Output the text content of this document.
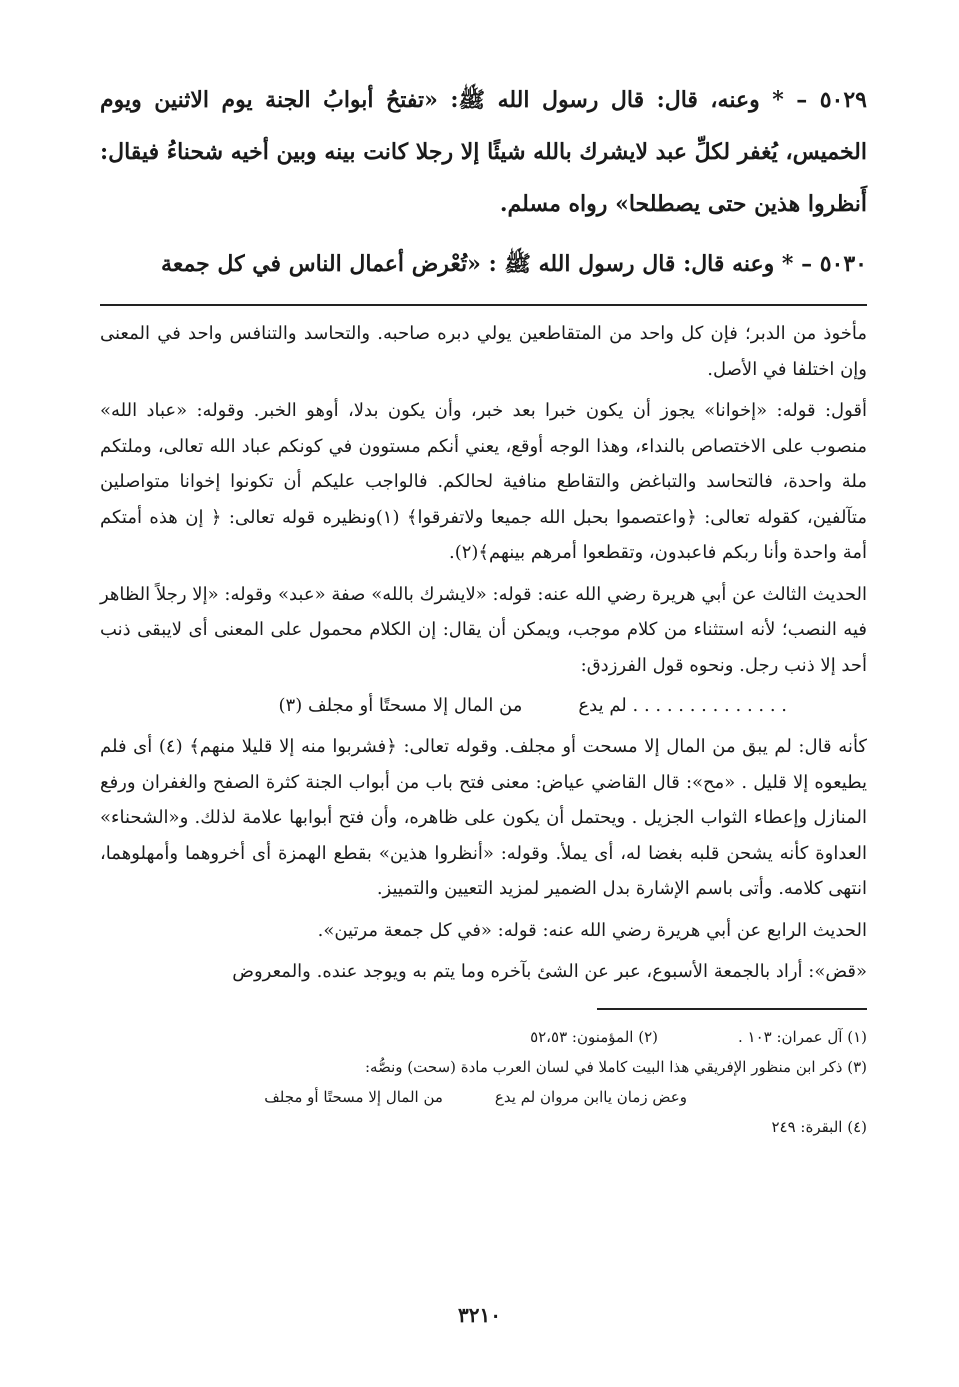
٥٠٢٩ – * وعنه، قال: قال رسول الله ﷺ: «تفتحُ أبوابُ الجنة يوم الاثنين ويوم الخميس، يُغفر لكلِّ عبد لايشرك بالله شيئًا إلا رجلا كانت بينه وبين أخيه شحناءُ فيقال: أَنظروا هذين حتى يصطلحا» رواه مسلم.

٥٠٣٠ – * وعنه قال: قال رسول الله ﷺ : «تُعْرض أعمال الناس في كل جمعة

مأخوذ من الدبر؛ فإن كل واحد من المتقاطعين يولي دبره صاحبه. والتحاسد والتنافس واحد في المعنى وإن اختلفا في الأصل.

أقول: قوله: «إخوانا» يجوز أن يكون خبرا بعد خبر، وأن يكون بدلا، أوهو الخبر. وقوله: «عباد الله» منصوب على الاختصاص بالنداء، وهذا الوجه أوقع، يعني أنكم مستوون في كونكم عباد الله تعالى، وملتكم ملة واحدة، فالتحاسد والتباغض والتقاطع منافية لحالكم. فالواجب عليكم أن تكونوا إخوانا متواصلين متآلفين، كقوله تعالى: ﴿واعتصموا بحبل الله جميعا ولاتفرقوا﴾ (١)ونظيره قوله تعالى: ﴿ إن هذه أمتكم أمة واحدة وأنا ربكم فاعبدون، وتقطعوا أمرهم بينهم﴾(٢).

الحديث الثالث عن أبي هريرة رضي الله عنه: قوله: «لايشرك بالله» صفة «عبد» وقوله: «إلا رجلاً الظاهر فيه النصب؛ لأنه استثناء من كلام موجب، ويمكن أن يقال: إن الكلام محمول على المعنى أى لايبقى ذنب أحد إلا ذنب رجل. ونحوه قول الفرزدق:

. . . . . . . . . . . . . . لم يدع
من المال إلا مسحتًا أو مجلف (٣)

كأنه قال: لم يبق من المال إلا مسحت أو مجلف. وقوله تعالى: ﴿فشربوا منه إلا قليلا منهم﴾ (٤) أى فلم يطيعوه إلا قليل . «مح»: قال القاضي عياض: معنى فتح باب من أبواب الجنة كثرة الصفح والغفران ورفع المنازل وإعطاء الثواب الجزيل . ويحتمل أن يكون على ظاهره، وأن فتح أبوابها علامة لذلك. و«الشحناء» العداوة كأنه يشحن قلبه بغضا له، أى يملأ. وقوله: «أنظروا هذين» بقطع الهمزة أى أخروهما وأمهلوهما، انتهى كلامه. وأتى باسم الإشارة بدل الضمير لمزيد التعيين والتمييز.

الحديث الرابع عن أبي هريرة رضي الله عنه: قوله: «في كل جمعة مرتين».

«قض»: أراد بالجمعة الأسبوع، عبر عن الشئ بآخره وما يتم به ويوجد عنده. والمعروض

(١) آل عمران: ١٠٣ .
(٢) المؤمنون: ٥٢،٥٣
(٣) ذكر ابن منظور الإفريقي هذا البيت كاملا في لسان العرب مادة (سحت) ونصُّه:
وعض زمان ياابن مروان لم يدع
من المال إلا مسحتًا أو مجلف
(٤) البقرة: ٢٤٩
٣٢١٠
